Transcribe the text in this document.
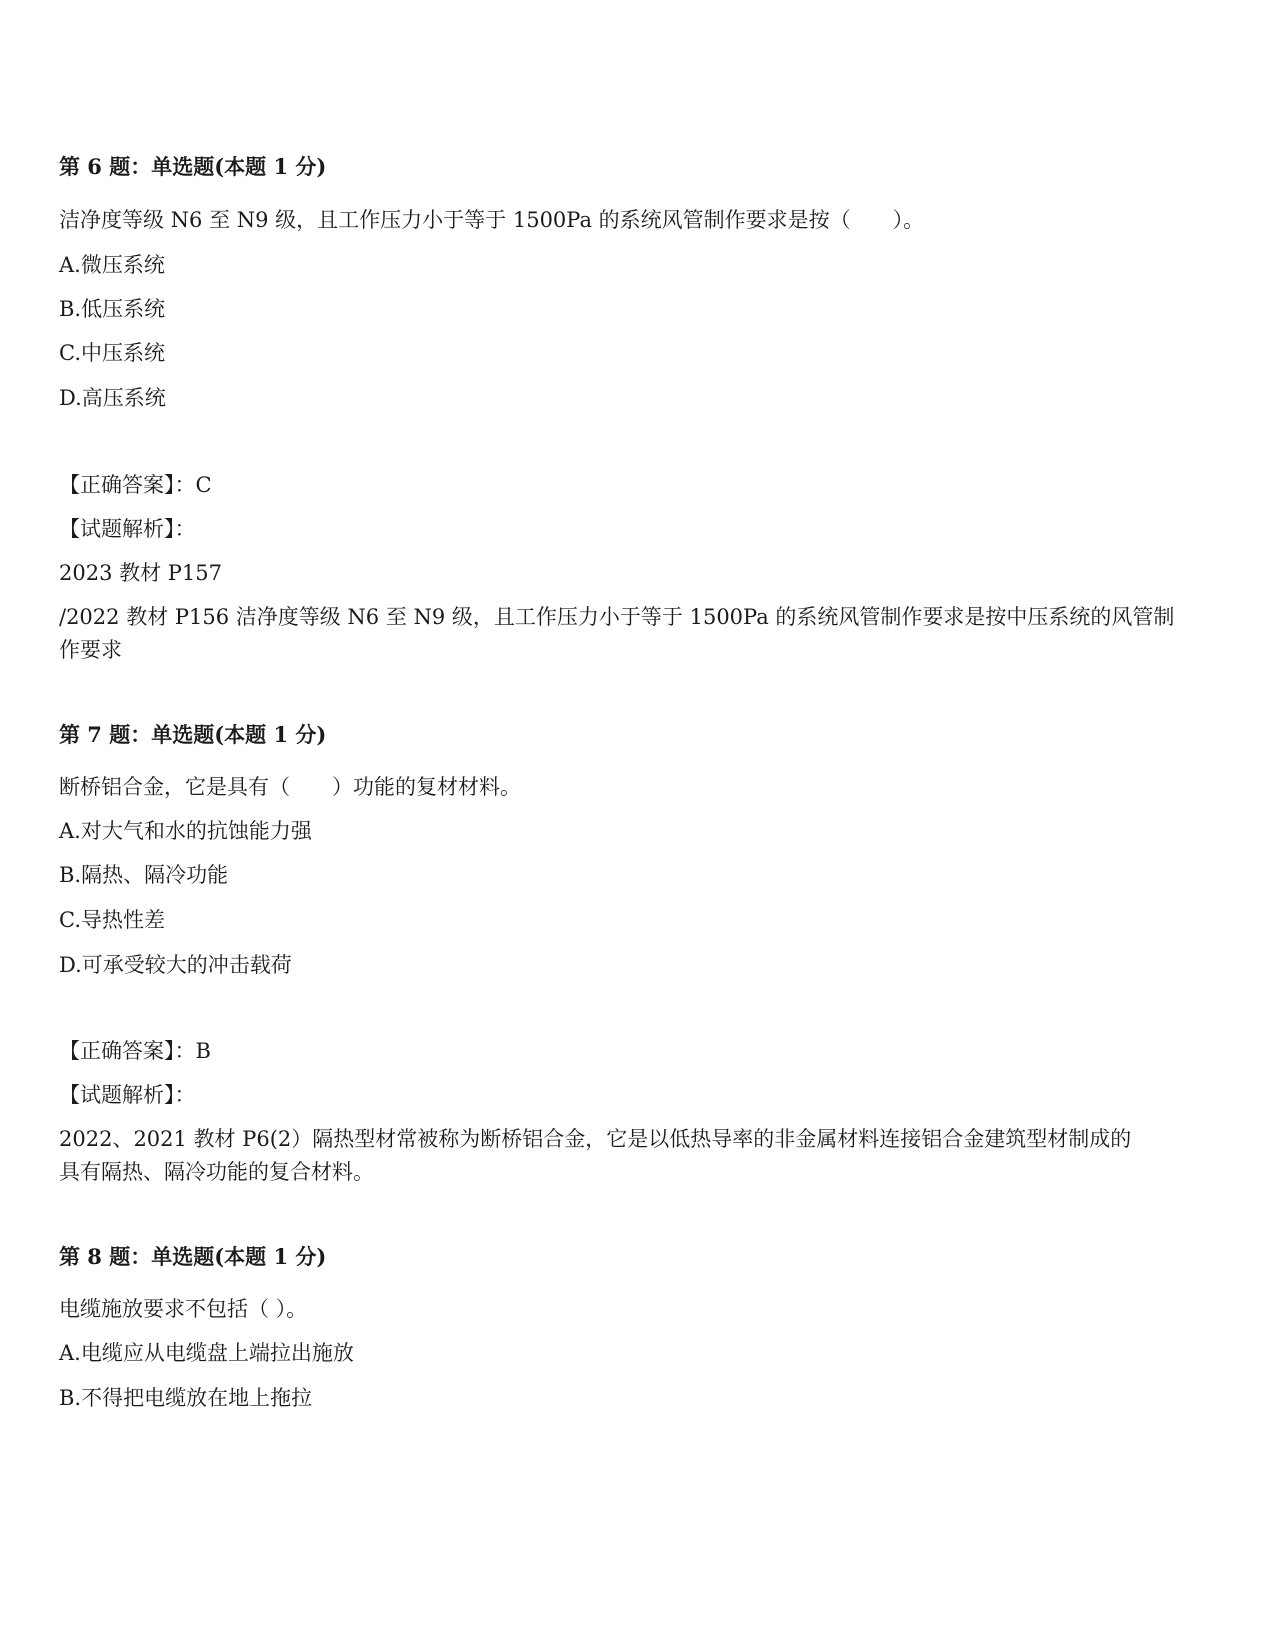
第 6 题：单选题(本题 1 分)
洁净度等级 N6 至 N9 级，且工作压力小于等于 1500Pa 的系统风管制作要求是按（　　）。
A.微压系统
B.低压系统
C.中压系统
D.高压系统
【正确答案】：C
【试题解析】：
2023 教材 P157
/2022 教材 P156 洁净度等级 N6 至 N9 级，且工作压力小于等于 1500Pa 的系统风管制作要求是按中压系统的风管制
作要求
第 7 题：单选题(本题 1 分)
断桥铝合金，它是具有（　　）功能的复材材料。
A.对大气和水的抗蚀能力强
B.隔热、隔冷功能
C.导热性差
D.可承受较大的冲击载荷
【正确答案】：B
【试题解析】：
2022、2021 教材 P6(2）隔热型材常被称为断桥铝合金，它是以低热导率的非金属材料连接铝合金建筑型材制成的
具有隔热、隔冷功能的复合材料。
第 8 题：单选题(本题 1 分)
电缆施放要求不包括（ ）。
A.电缆应从电缆盘上端拉出施放
B.不得把电缆放在地上拖拉
